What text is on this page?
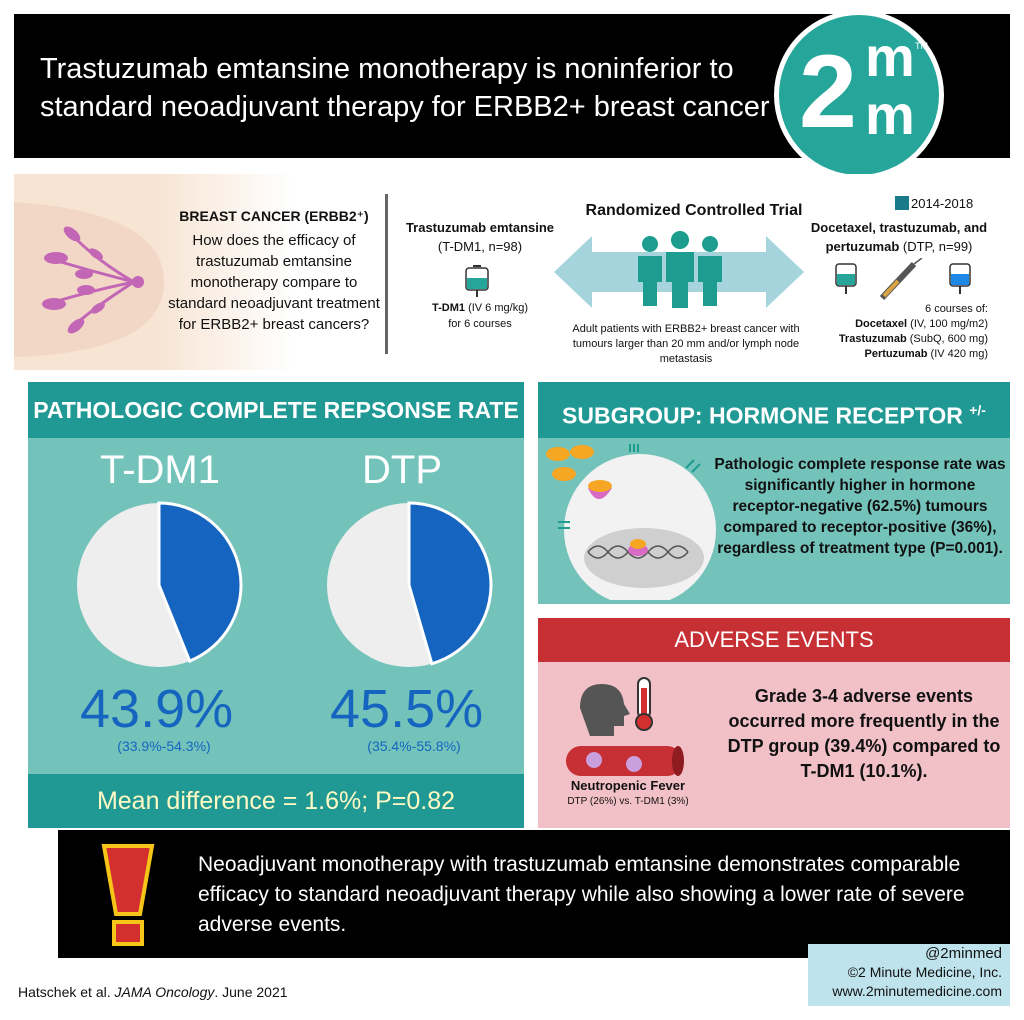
Trastuzumab emtansine monotherapy is noninferior to standard neoadjuvant therapy for ERBB2+ breast cancer 2 m
m
TM
BREAST CANCER (ERBB2⁺)
How does the efficacy of trastuzumab emtansine monotherapy compare to standard neoadjuvant treatment for ERBB2+ breast cancers?
Trastuzumab emtansine
(T-DM1, n=98)
T-DM1 (IV 6 mg/kg)
for 6 courses
Randomized Controlled Trial
Adult patients with ERBB2+ breast cancer with tumours larger than 20 mm and/or lymph node metastasis
2014-2018
Docetaxel, trastuzumab, and pertuzumab (DTP, n=99)
6 courses of:
Docetaxel (IV, 100 mg/m2)
Trastuzumab (SubQ, 600 mg)
Pertuzumab (IV 420 mg)
PATHOLOGIC COMPLETE REPSONSE RATE
T-DM1	DTP
43.9% 45.5%
(33.9%-54.3%)	(35.4%-55.8%)
Mean difference = 1.6%; P=0.82
SUBGROUP: HORMONE RECEPTOR +/-
Pathologic complete response rate was significantly higher in hormone receptor-negative (62.5%) tumours compared to receptor-positive (36%), regardless of treatment type (P=0.001).
ADVERSE EVENTS
Neutropenic Fever
DTP (26%) vs. T-DM1 (3%)
Grade 3-4 adverse events occurred more frequently in the DTP group (39.4%) compared to T-DM1 (10.1%).
Neoadjuvant monotherapy with trastuzumab emtansine demonstrates comparable efficacy to standard neoadjuvant therapy while also showing a lower rate of severe adverse events.
Hatschek et al. JAMA Oncology. June 2021
@2minmed
©2 Minute Medicine, Inc.
www.2minutemedicine.com
